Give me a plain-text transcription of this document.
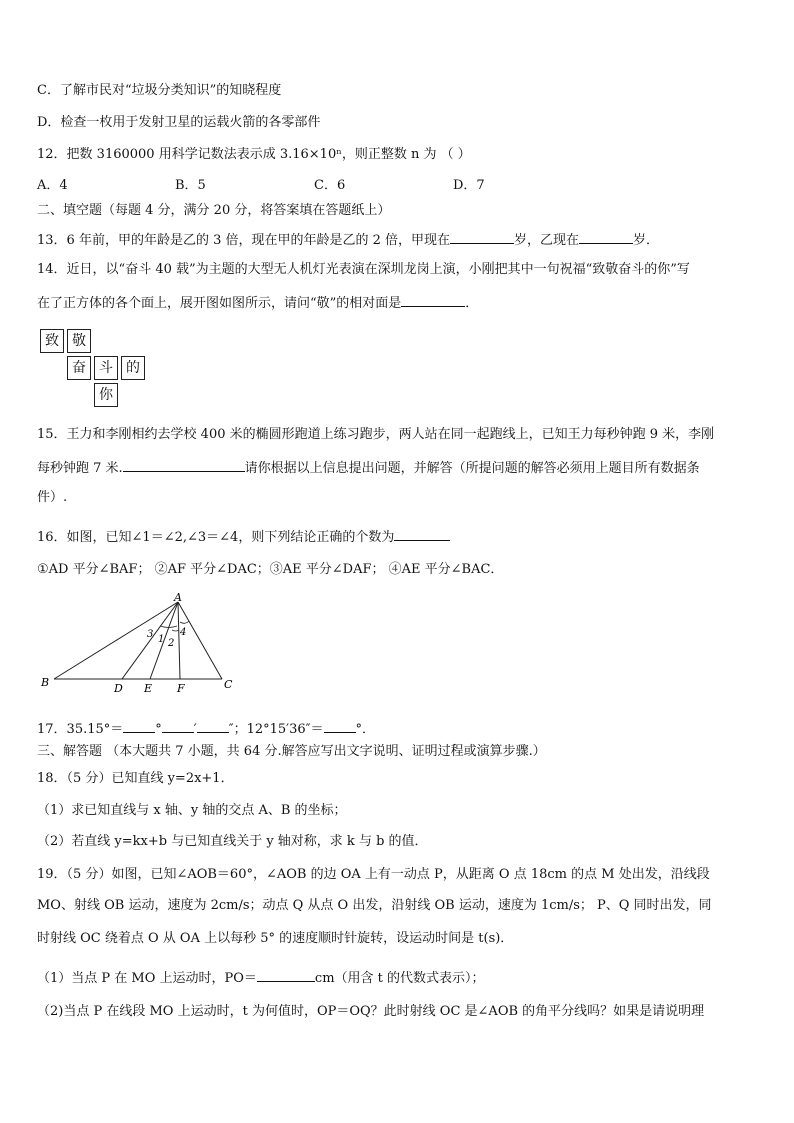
C．了解市民对“垃圾分类知识”的知晓程度
D．检查一枚用于发射卫星的运载火箭的各零部件
12．把数 3160000 用科学记数法表示成 3.16×10ⁿ，则正整数 n 为 （ ）
A．4	B．5	C．6	D．7
二、填空题（每题 4 分，满分 20 分，将答案填在答题纸上）
13．6 年前，甲的年龄是乙的 3 倍，现在甲的年龄是乙的 2 倍，甲现在	岁，乙现在	岁．
14．近日，以“奋斗 40 载”为主题的大型无人机灯光表演在深圳龙岗上演，小刚把其中一句祝福“致敬奋斗的你”写
在了正方体的各个面上，展开图如图所示，请问“敬”的相对面是	．
致 敬
奋 斗 的
你
15．王力和李刚相约去学校 400 米的椭圆形跑道上练习跑步，两人站在同一起跑线上，已知王力每秒钟跑 9 米，李刚
每秒钟跑 7 米.	请你根据以上信息提出问题，并解答（所提问题的解答必须用上题目所有数据条
件）.
16．如图，已知∠1＝∠2,∠3＝∠4，则下列结论正确的个数为
①AD 平分∠BAF； ②AF 平分∠DAC；③AE 平分∠DAF； ④AE 平分∠BAC．
A
B	D E F	C
1 2
3	4
17．35.15°＝ ° ′ ″；12°15′36″＝ °．
三、解答题 （本大题共 7 小题，共 64 分.解答应写出文字说明、证明过程或演算步骤.）
18．（5 分）已知直线 y=2x+1．
（1）求已知直线与 x 轴、y 轴的交点 A、B 的坐标；
（2）若直线 y=kx+b 与已知直线关于 y 轴对称，求 k 与 b 的值．
19．（5 分）如图，已知∠AOB＝60°，∠AOB 的边 OA 上有一动点 P，从距离 O 点 18cm 的点 M 处出发，沿线段
MO、射线 OB 运动，速度为 2cm/s；动点 Q 从点 O 出发，沿射线 OB 运动，速度为 1cm/s； P、Q 同时出发，同
时射线 OC 绕着点 O 从 OA 上以每秒 5° 的速度顺时针旋转，设运动时间是 t(s)．
（1）当点 P 在 MO 上运动时，PO＝	cm（用含 t 的代数式表示）；
（2)当点 P 在线段 MO 上运动时，t 为何值时，OP＝OQ？此时射线 OC 是∠AOB 的角平分线吗？如果是请说明理
